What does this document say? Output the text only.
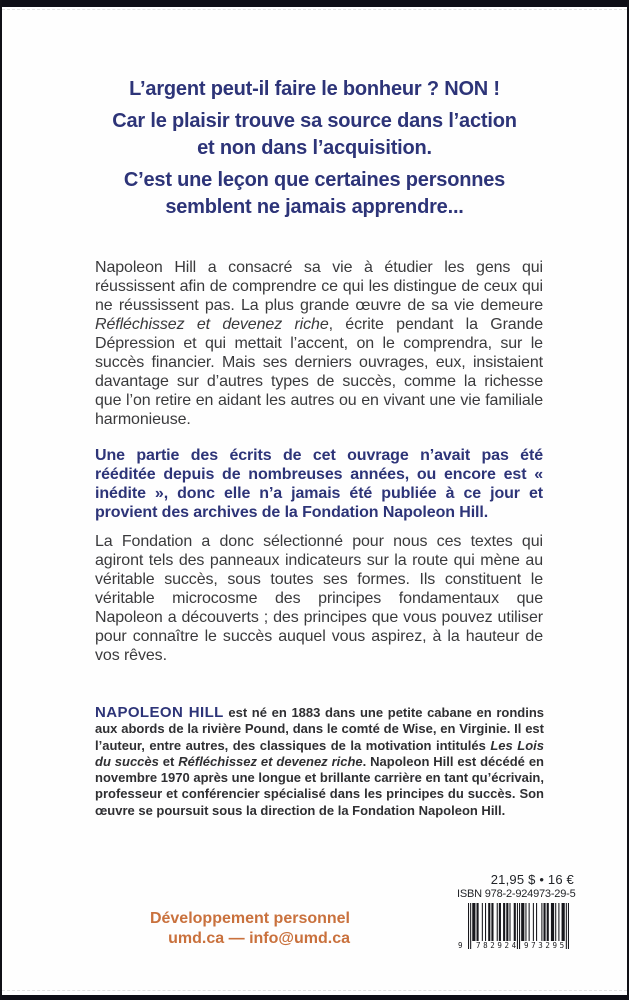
L’argent peut-il faire le bonheur ? NON !

Car le plaisir trouve sa source dans l’action
et non dans l’acquisition.

C’est une leçon que certaines personnes
semblent ne jamais apprendre...

Napoleon Hill a consacré sa vie à étudier les gens qui réussissent afin de comprendre ce qui les distingue de ceux qui ne réussissent pas. La plus grande œuvre de sa vie demeure Réfléchissez et devenez riche, écrite pendant la Grande Dépression et qui mettait l’accent, on le comprendra, sur le succès financier. Mais ses derniers ouvrages, eux, insistaient davantage sur d’autres types de succès, comme la richesse que l’on retire en aidant les autres ou en vivant une vie familiale harmonieuse.

Une partie des écrits de cet ouvrage n’avait pas été rééditée depuis de nombreuses années, ou encore est « inédite », donc elle n’a jamais été publiée à ce jour et provient des archives de la Fondation Napoleon Hill.

La Fondation a donc sélectionné pour nous ces textes qui agiront tels des panneaux indicateurs sur la route qui mène au véritable succès, sous toutes ses formes. Ils constituent le véritable microcosme des principes fondamentaux que Napoleon a découverts ; des principes que vous pouvez utiliser pour connaître le succès auquel vous aspirez, à la hauteur de vos rêves.

NAPOLEON HILL est né en 1883 dans une petite cabane en rondins aux abords de la rivière Pound, dans le comté de Wise, en Virginie. Il est l’auteur, entre autres, des classiques de la motivation intitulés Les Lois du succès et Réfléchissez et devenez riche. Napoleon Hill est décédé en novembre 1970 après une longue et brillante carrière en tant qu’écrivain, professeur et conférencier spécialisé dans les principes du succès. Son œuvre se poursuit sous la direction de la Fondation Napoleon Hill.
21,95 $ • 16 €
ISBN 978-2-924973-29-5
9 782924 973295
Développement personnel
umd.ca — info@umd.ca
